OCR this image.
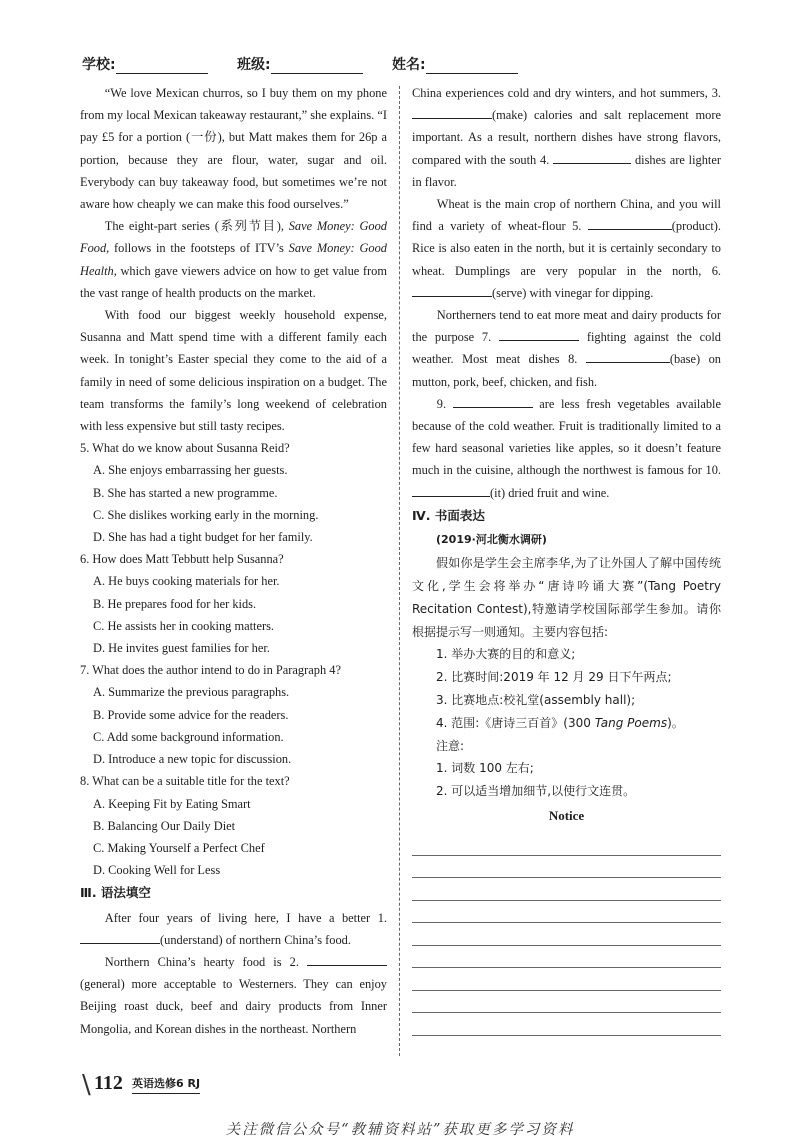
学校:	班级:	姓名:

“We love Mexican churros, so I buy them on my phone from my local Mexican takeaway restaurant,” she explains. “I pay £5 for a portion (一份), but Matt makes them for 26p a portion, because they are flour, water, sugar and oil. Everybody can buy takeaway food, but sometimes we’re not aware how cheaply we can make this food ourselves.”

The eight-part series (系列节目), Save Money: Good Food, follows in the footsteps of ITV’s Save Money: Good Health, which gave viewers advice on how to get value from the vast range of health products on the market.

With food our biggest weekly household expense, Susanna and Matt spend time with a different family each week. In tonight’s Easter special they come to the aid of a family in need of some delicious inspiration on a budget. The team transforms the family’s long weekend of celebration with less expensive but still tasty recipes.

5. What do we know about Susanna Reid?

A. She enjoys embarrassing her guests.

B. She has started a new programme.

C. She dislikes working early in the morning.

D. She has had a tight budget for her family.

6. How does Matt Tebbutt help Susanna?

A. He buys cooking materials for her.

B. He prepares food for her kids.

C. He assists her in cooking matters.

D. He invites guest families for her.

7. What does the author intend to do in Paragraph 4?

A. Summarize the previous paragraphs.

B. Provide some advice for the readers.

C. Add some background information.

D. Introduce a new topic for discussion.

8. What can be a suitable title for the text?

A. Keeping Fit by Eating Smart

B. Balancing Our Daily Diet

C. Making Yourself a Perfect Chef

D. Cooking Well for Less

Ⅲ. 语法填空

After four years of living here, I have a better 1. (understand) of northern China’s food.

Northern China’s hearty food is 2.  (general) more acceptable to Westerners. They can enjoy Beijing roast duck, beef and dairy products from Inner Mongolia, and Korean dishes in the northeast. Northern

China experiences cold and dry winters, and hot summers, 3. (make) calories and salt replacement more important. As a result, northern dishes have strong flavors, compared with the south 4.	dishes are lighter in flavor.

Wheat is the main crop of northern China, and you will find a variety of wheat-flour 5.	(product). Rice is also eaten in the north, but it is certainly secondary to wheat. Dumplings are very popular in the north, 6. (serve) with vinegar for dipping.

Northerners tend to eat more meat and dairy products for the purpose 7.	fighting against the cold weather. Most meat dishes 8.	(base) on mutton, pork, beef, chicken, and fish.

9.	are less fresh vegetables available because of the cold weather. Fruit is traditionally limited to a few hard seasonal varieties like apples, so it doesn’t feature much in the cuisine, although the northwest is famous for 10. (it) dried fruit and wine.

Ⅳ. 书面表达

(2019·河北衡水调研)

假如你是学生会主席李华,为了让外国人了解中国传统文化,学生会将举办“唐诗吟诵大赛”(Tang Poetry Recitation Contest),特邀请学校国际部学生参加。请你根据提示写一则通知。主要内容包括:

1. 举办大赛的目的和意义;

2. 比赛时间:2019 年 12 月 29 日下午两点;

3. 比赛地点:校礼堂(assembly hall);

4. 范围:《唐诗三百首》(300 Tang Poems)。

注意:

1. 词数 100 左右;

2. 可以适当增加细节,以使行文连贯。

Notice

\ 112 英语选修6 RJ
关注微信公众号“教辅资料站”获取更多学习资料
